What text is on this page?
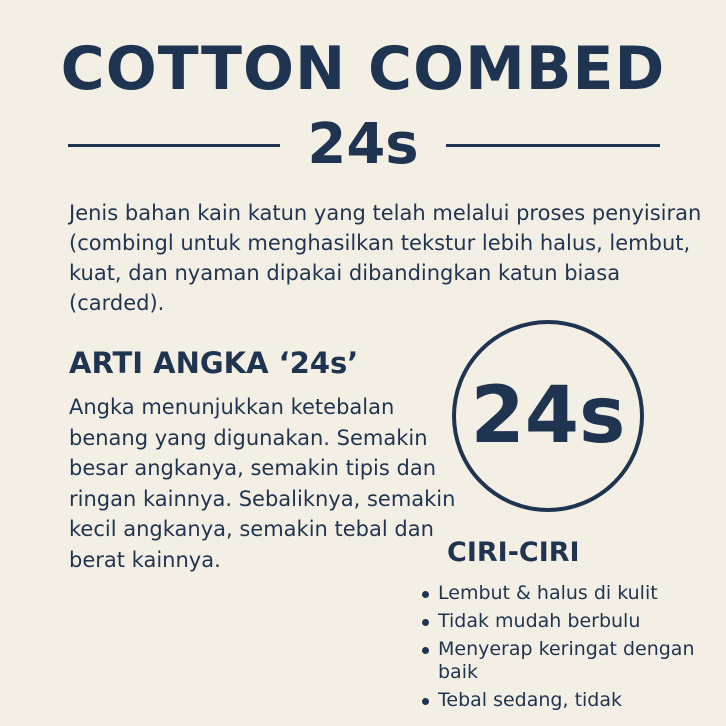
COTTON COMBED
24s

Jenis bahan kain katun yang telah melalui proses penyisiran (combingl untuk menghasilkan tekstur lebih halus, lembut, kuat, dan nyaman dipakai dibandingkan katun biasa (carded).

ARTI ANGKA ‘24s’

Angka menunjukkan ketebalan benang yang digunakan. Semakin besar angkanya, semakin tipis dan ringan kainnya. Sebaliknya, semakin kecil angkanya, semakin tebal dan berat kainnya.

24s
CIRI-CIRI
Lembut & halus di kulit
Tidak mudah berbulu
Menyerap keringat dengan baik
Tebal sedang, tidak
